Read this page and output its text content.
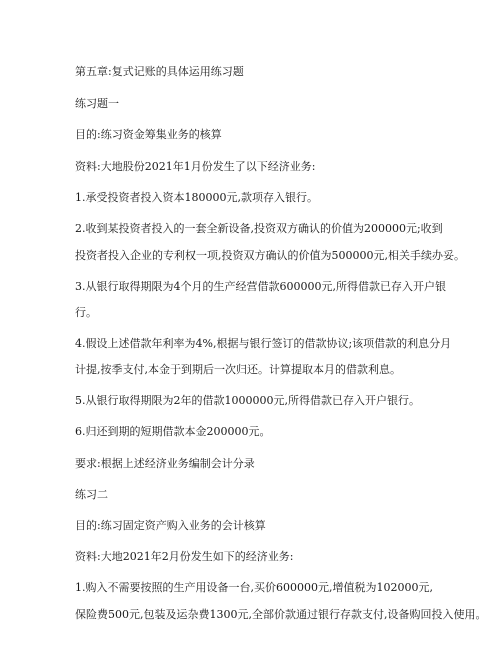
第五章:复式记账的具体运用练习题
练习题一
目的:练习资金筹集业务的核算
资料:大地股份2021年1月份发生了以下经济业务:
1.承受投资者投入资本180000元,款项存入银行。
2.收到某投资者投入的一套全新设备,投资双方确认的价值为200000元;收到
投资者投入企业的专利权一项,投资双方确认的价值为500000元,相关手续办妥。
3.从银行取得期限为4个月的生产经营借款600000元,所得借款已存入开户银
行。
4.假设上述借款年利率为4%,根据与银行签订的借款协议;该项借款的利息分月
计提,按季支付,本金于到期后一次归还。计算提取本月的借款利息。
5.从银行取得期限为2年的借款1000000元,所得借款已存入开户银行。
6.归还到期的短期借款本金200000元。
要求:根据上述经济业务编制会计分录
练习二
目的:练习固定资产购入业务的会计核算
资料:大地2021年2月份发生如下的经济业务:
1.购入不需要按照的生产用设备一台,买价600000元,增值税为102000元,
保险费500元,包装及运杂费1300元,全部价款通过银行存款支付,设备购回投入使用。
